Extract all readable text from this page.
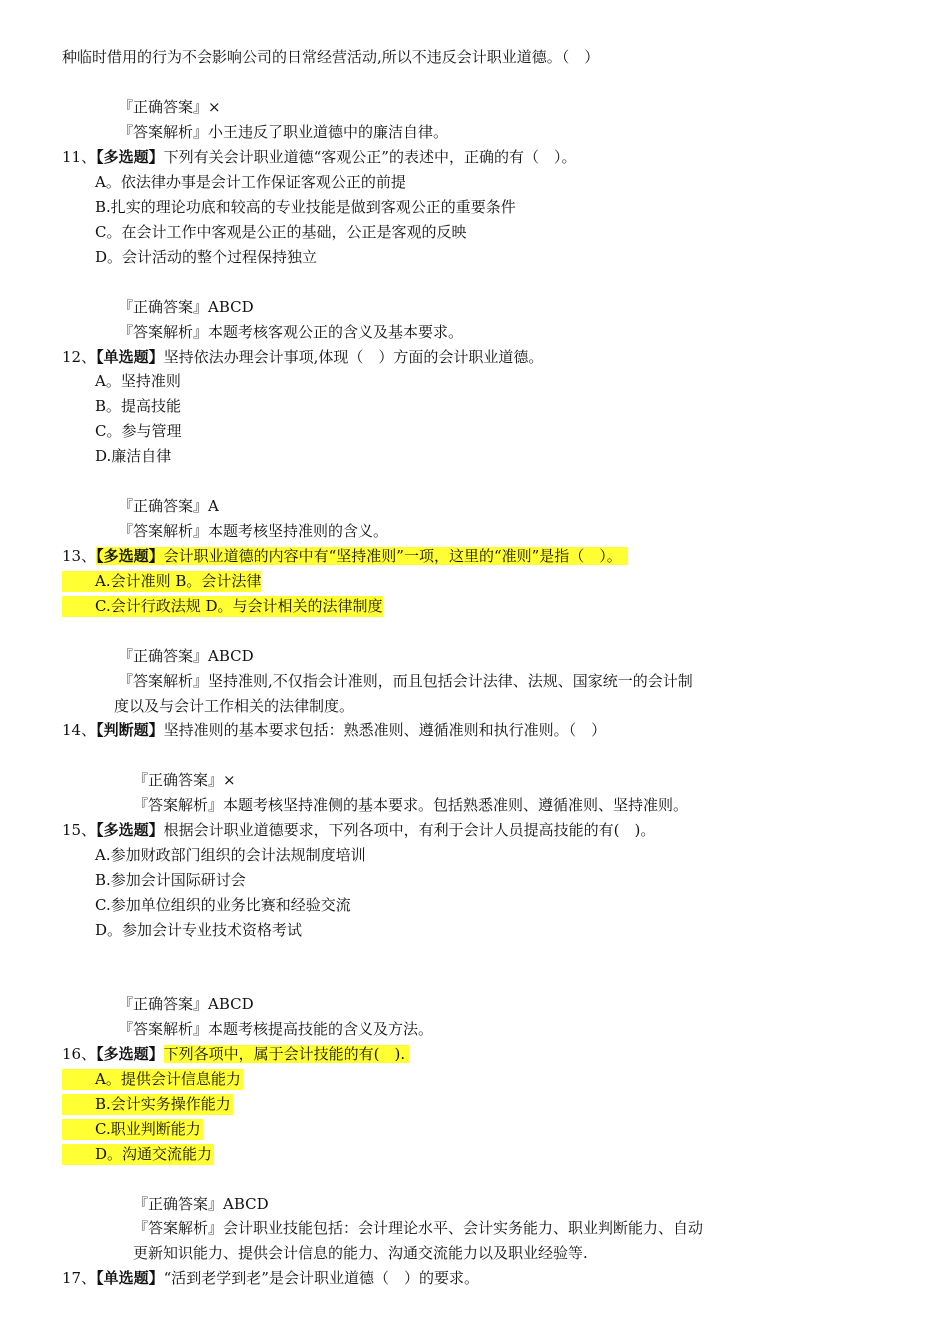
种临时借用的行为不会影响公司的日常经营活动,所以不违反会计职业道德。（　）
『正确答案』×
『答案解析』小王违反了职业道德中的廉洁自律。
11、【多选题】下列有关会计职业道德“客观公正”的表述中，正确的有（　）。
A。依法律办事是会计工作保证客观公正的前提
B.扎实的理论功底和较高的专业技能是做到客观公正的重要条件
C。在会计工作中客观是公正的基础，公正是客观的反映
D。会计活动的整个过程保持独立
『正确答案』ABCD
『答案解析』本题考核客观公正的含义及基本要求。
12、【单选题】坚持依法办理会计事项,体现（　）方面的会计职业道德。
A。坚持准则
B。提高技能
C。参与管理
D.廉洁自律
『正确答案』A
『答案解析』本题考核坚持准则的含义。
13、【多选题】会计职业道德的内容中有“坚持准则”一项，这里的“准则”是指（　）。
A.会计准则 B。会计法律
C.会计行政法规 D。与会计相关的法律制度
『正确答案』ABCD
『答案解析』坚持准则,不仅指会计准则，而且包括会计法律、法规、国家统一的会计制
度以及与会计工作相关的法律制度。
14、【判断题】坚持准则的基本要求包括：熟悉准则、遵循准则和执行准则。（　）
『正确答案』×
『答案解析』本题考核坚持准侧的基本要求。包括熟悉准则、遵循准则、坚持准则。
15、【多选题】根据会计职业道德要求，下列各项中，有利于会计人员提高技能的有(　)。
A.参加财政部门组织的会计法规制度培训
B.参加会计国际研讨会
C.参加单位组织的业务比赛和经验交流
D。参加会计专业技术资格考试
『正确答案』ABCD
『答案解析』本题考核提高技能的含义及方法。
16、【多选题】下列各项中，属于会计技能的有(　).
A。提供会计信息能力
B.会计实务操作能力
C.职业判断能力
D。沟通交流能力
『正确答案』ABCD
『答案解析』会计职业技能包括：会计理论水平、会计实务能力、职业判断能力、自动
更新知识能力、提供会计信息的能力、沟通交流能力以及职业经验等.
17、【单选题】“活到老学到老”是会计职业道德（　）的要求。
